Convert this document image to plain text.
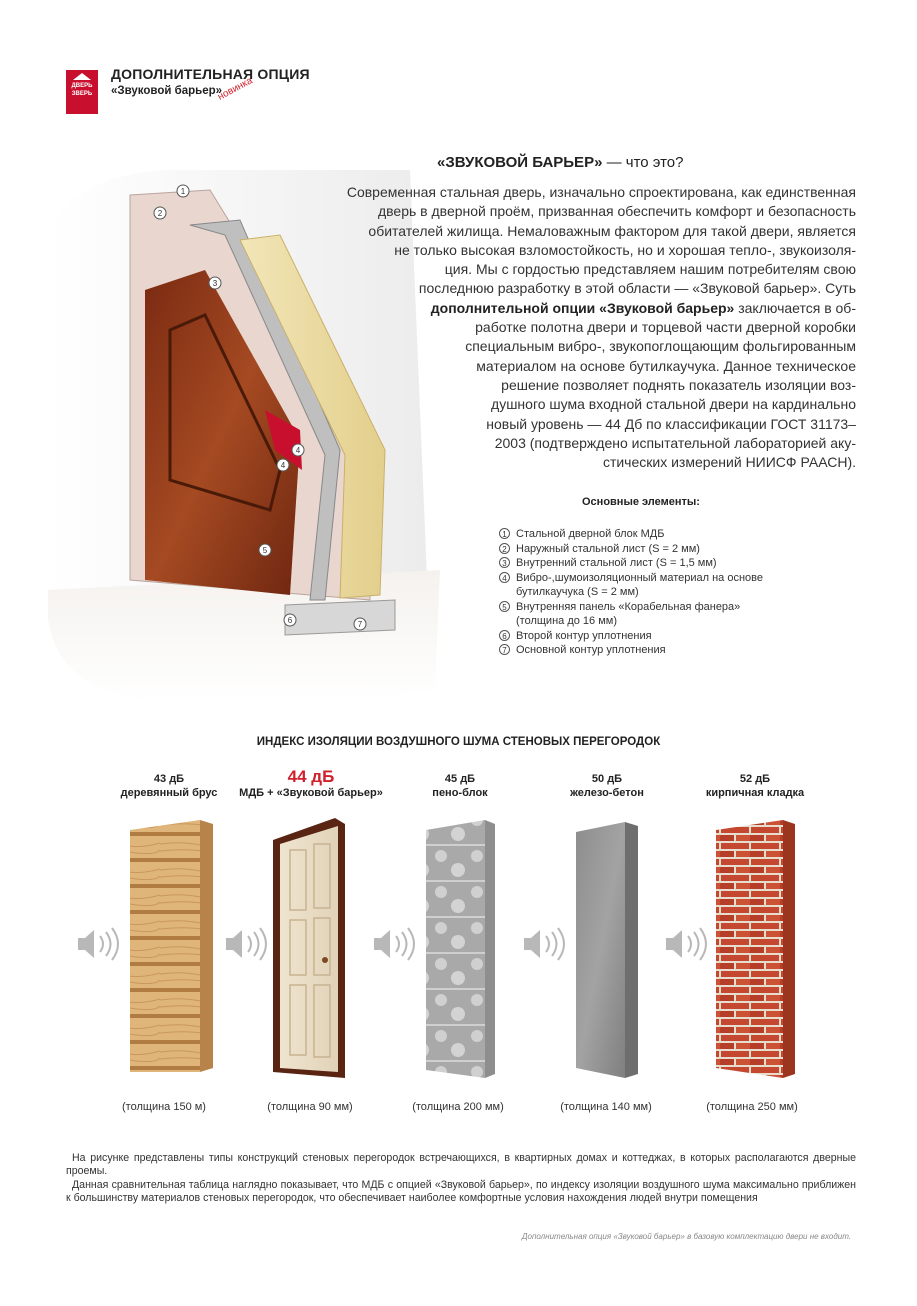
ДВЕРЬ ЗВЕРЬ
ДОПОЛНИТЕЛЬНАЯ ОПЦИЯ
«Звуковой барьер»
новинка
1
2
3
4
5
6	7
4
«ЗВУКОВОЙ БАРЬЕР» — что это?

Современная стальная дверь, изначально спроектирована, как единственная

дверь в дверной проём, призванная обеспечить комфорт и безопасность

обитателей жилища. Немаловажным фактором для такой двери, является

не только высокая взломостойкость, но и хорошая тепло-, звукоизоля-

ция. Мы с гордостью представляем нашим потребителям свою

последнюю разработку в этой области — «Звуковой барьер». Суть

дополнительной опции «Звуковой барьер» заключается в об-

работке полотна двери и торцевой части дверной коробки

специальным вибро-, звукопоглощающим фольгированным

материалом на основе бутилкаучука. Данное техническое

решение позволяет поднять показатель изоляции воз-

душного шума входной стальной двери на кардинально

новый уровень — 44 Дб по классификации ГОСТ 31173–

2003 (подтверждено испытательной лабораторией аку-

стических измерений НИИСФ РААСН).

Основные элементы:
1 Стальной дверной блок МДБ
2 Наружный стальной лист (S = 2 мм)
3 Внутренний стальной лист (S = 1,5 мм)
4 Вибро-,шумоизоляционный материал на основе
бутилкаучука (S = 2 мм)
5 Внутренняя панель «Корабельная фанера»
(толщина до 16 мм)
6 Второй контур уплотнения
7 Основной контур уплотнения
ИНДЕКС ИЗОЛЯЦИИ ВОЗДУШНОГО ШУМА СТЕНОВЫХ ПЕРЕГОРОДОК
43 дБ
деревянный брус
44 дБ
МДБ + «Звуковой барьер»
45 дБ
пено-блок
50 дБ
железо-бетон
52 дБ
кирпичная кладка
(толщина 150 м)	(толщина 90 мм)	(толщина 200 мм)	(толщина 140 мм)	(толщина 250 мм)

На рисунке представлены типы конструкций стеновых перегородок встречающихся, в квартирных домах и коттеджах, в которых располагаются дверные проемы.

Данная сравнительная таблица наглядно показывает, что МДБ с опцией «Звуковой барьер», по индексу изоляции воздушного шума максимально приближен к большинству материалов стеновых перегородок, что обеспечивает наиболее комфортные условия нахождения людей внутри помещения

Дополнительная опция «Звуковой барьер» в базовую комплектацию двери не входит.
